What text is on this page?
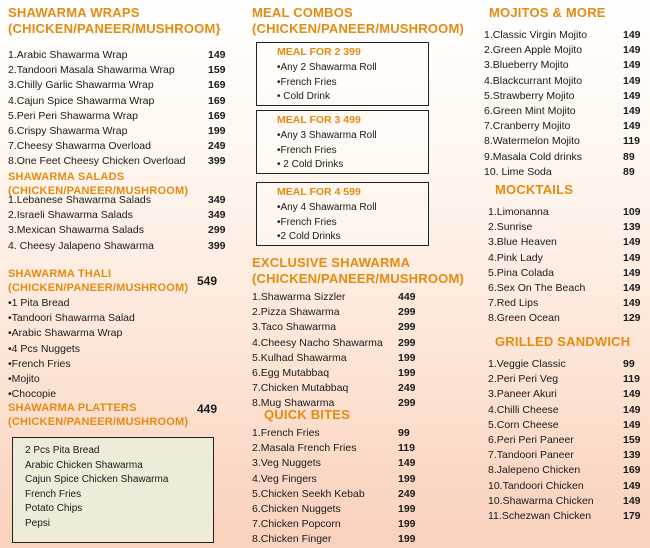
SHAWARMA WRAPS
(CHICKEN/PANEER/MUSHROOM}
1.Arabic Shawarma Wrap	149
2.Tandoori Masala Shawarma Wrap	159
3.Chilly Garlic Shawarma Wrap	169
4.Cajun Spice Shawarma Wrap	169
5.Peri Peri Shawarma Wrap	169
6.Crispy Shawarma Wrap	199
7.Cheesy Shawarma Overload	249
8.One Feet Cheesy Chicken Overload 399
SHAWARMA SALADS
(CHICKEN/PANEER/MUSHROOM)
1.Lebanese Shawarma Salads	349
2.Israeli Shawarma Salads	349
3.Mexican Shawarma Salads	299
4. Cheesy Jalapeno Shawarma	399
SHAWARMA THALI
(CHICKEN/PANEER/MUSHROOM) 549
•1 Pita Bread
•Tandoori Shawarma Salad
•Arabic Shawarma Wrap
•4 Pcs Nuggets
•French Fries
•Mojito
•Chocopie
SHAWARMA PLATTERS
(CHICKEN/PANEER/MUSHROOM)
449
2 Pcs Pita Bread
Arabic Chicken Shawarma
Cajun Spice Chicken Shawarma
French Fries
Potato Chips
Pepsi
MEAL COMBOS
(CHICKEN/PANEER/MUSHROOM)
MEAL FOR 2 399
•Any 2 Shawarma Roll
•French Fries
• Cold Drink
MEAL FOR 3 499
•Any 3 Shawarma Roll
•French Fries
• 2 Cold Drinks
MEAL FOR 4 599
•Any 4 Shawarma Roll
•French Fries
•2 Cold Drinks
EXCLUSIVE SHAWARMA
(CHICKEN/PANEER/MUSHROOM)
1.Shawarma Sizzler	449
2.Pizza Shawarma	299
3.Taco Shawarma	299
4.Cheesy Nacho Shawarma 299
5.Kulhad Shawarma	199
6.Egg Mutabbaq	199
7.Chicken Mutabbaq	249
8.Mug Shawarma	299
QUICK BITES
1.French Fries	99
2.Masala French Fries	119
3.Veg Nuggets	149
4.Veg Fingers	199
5.Chicken Seekh Kebab	249
6.Chicken Nuggets	199
7.Chicken Popcorn	199
8.Chicken Finger	199
MOJITOS & MORE
1.Classic Virgin Mojito	149
2.Green Apple Mojito	149
3.Blueberry Mojito	149
4.Blackcurrant Mojito	149
5.Strawberry Mojito	149
6.Green Mint Mojito	149
7.Cranberry Mojito	149
8.Watermelon Mojito	119
9.Masala Cold drinks	89
10. Lime Soda	89
MOCKTAILS
1.Limonanna	109
2.Sunrise	139
3.Blue Heaven	149
4.Pink Lady	149
5.Pina Colada	149
6.Sex On The Beach	149
7.Red Lips	149
8.Green Ocean	129
GRILLED SANDWICH
1.Veggie Classic	99
2.Peri Peri Veg	119
3.Paneer Akuri	149
4.Chilli Cheese	149
5.Corn Cheese	149
6.Peri Peri Paneer	159
7.Tandoori Paneer	139
8.Jalepeno Chicken	169
10.Tandoori Chicken	149
10.Shawarma Chicken	149
11.Schezwan Chicken	179
